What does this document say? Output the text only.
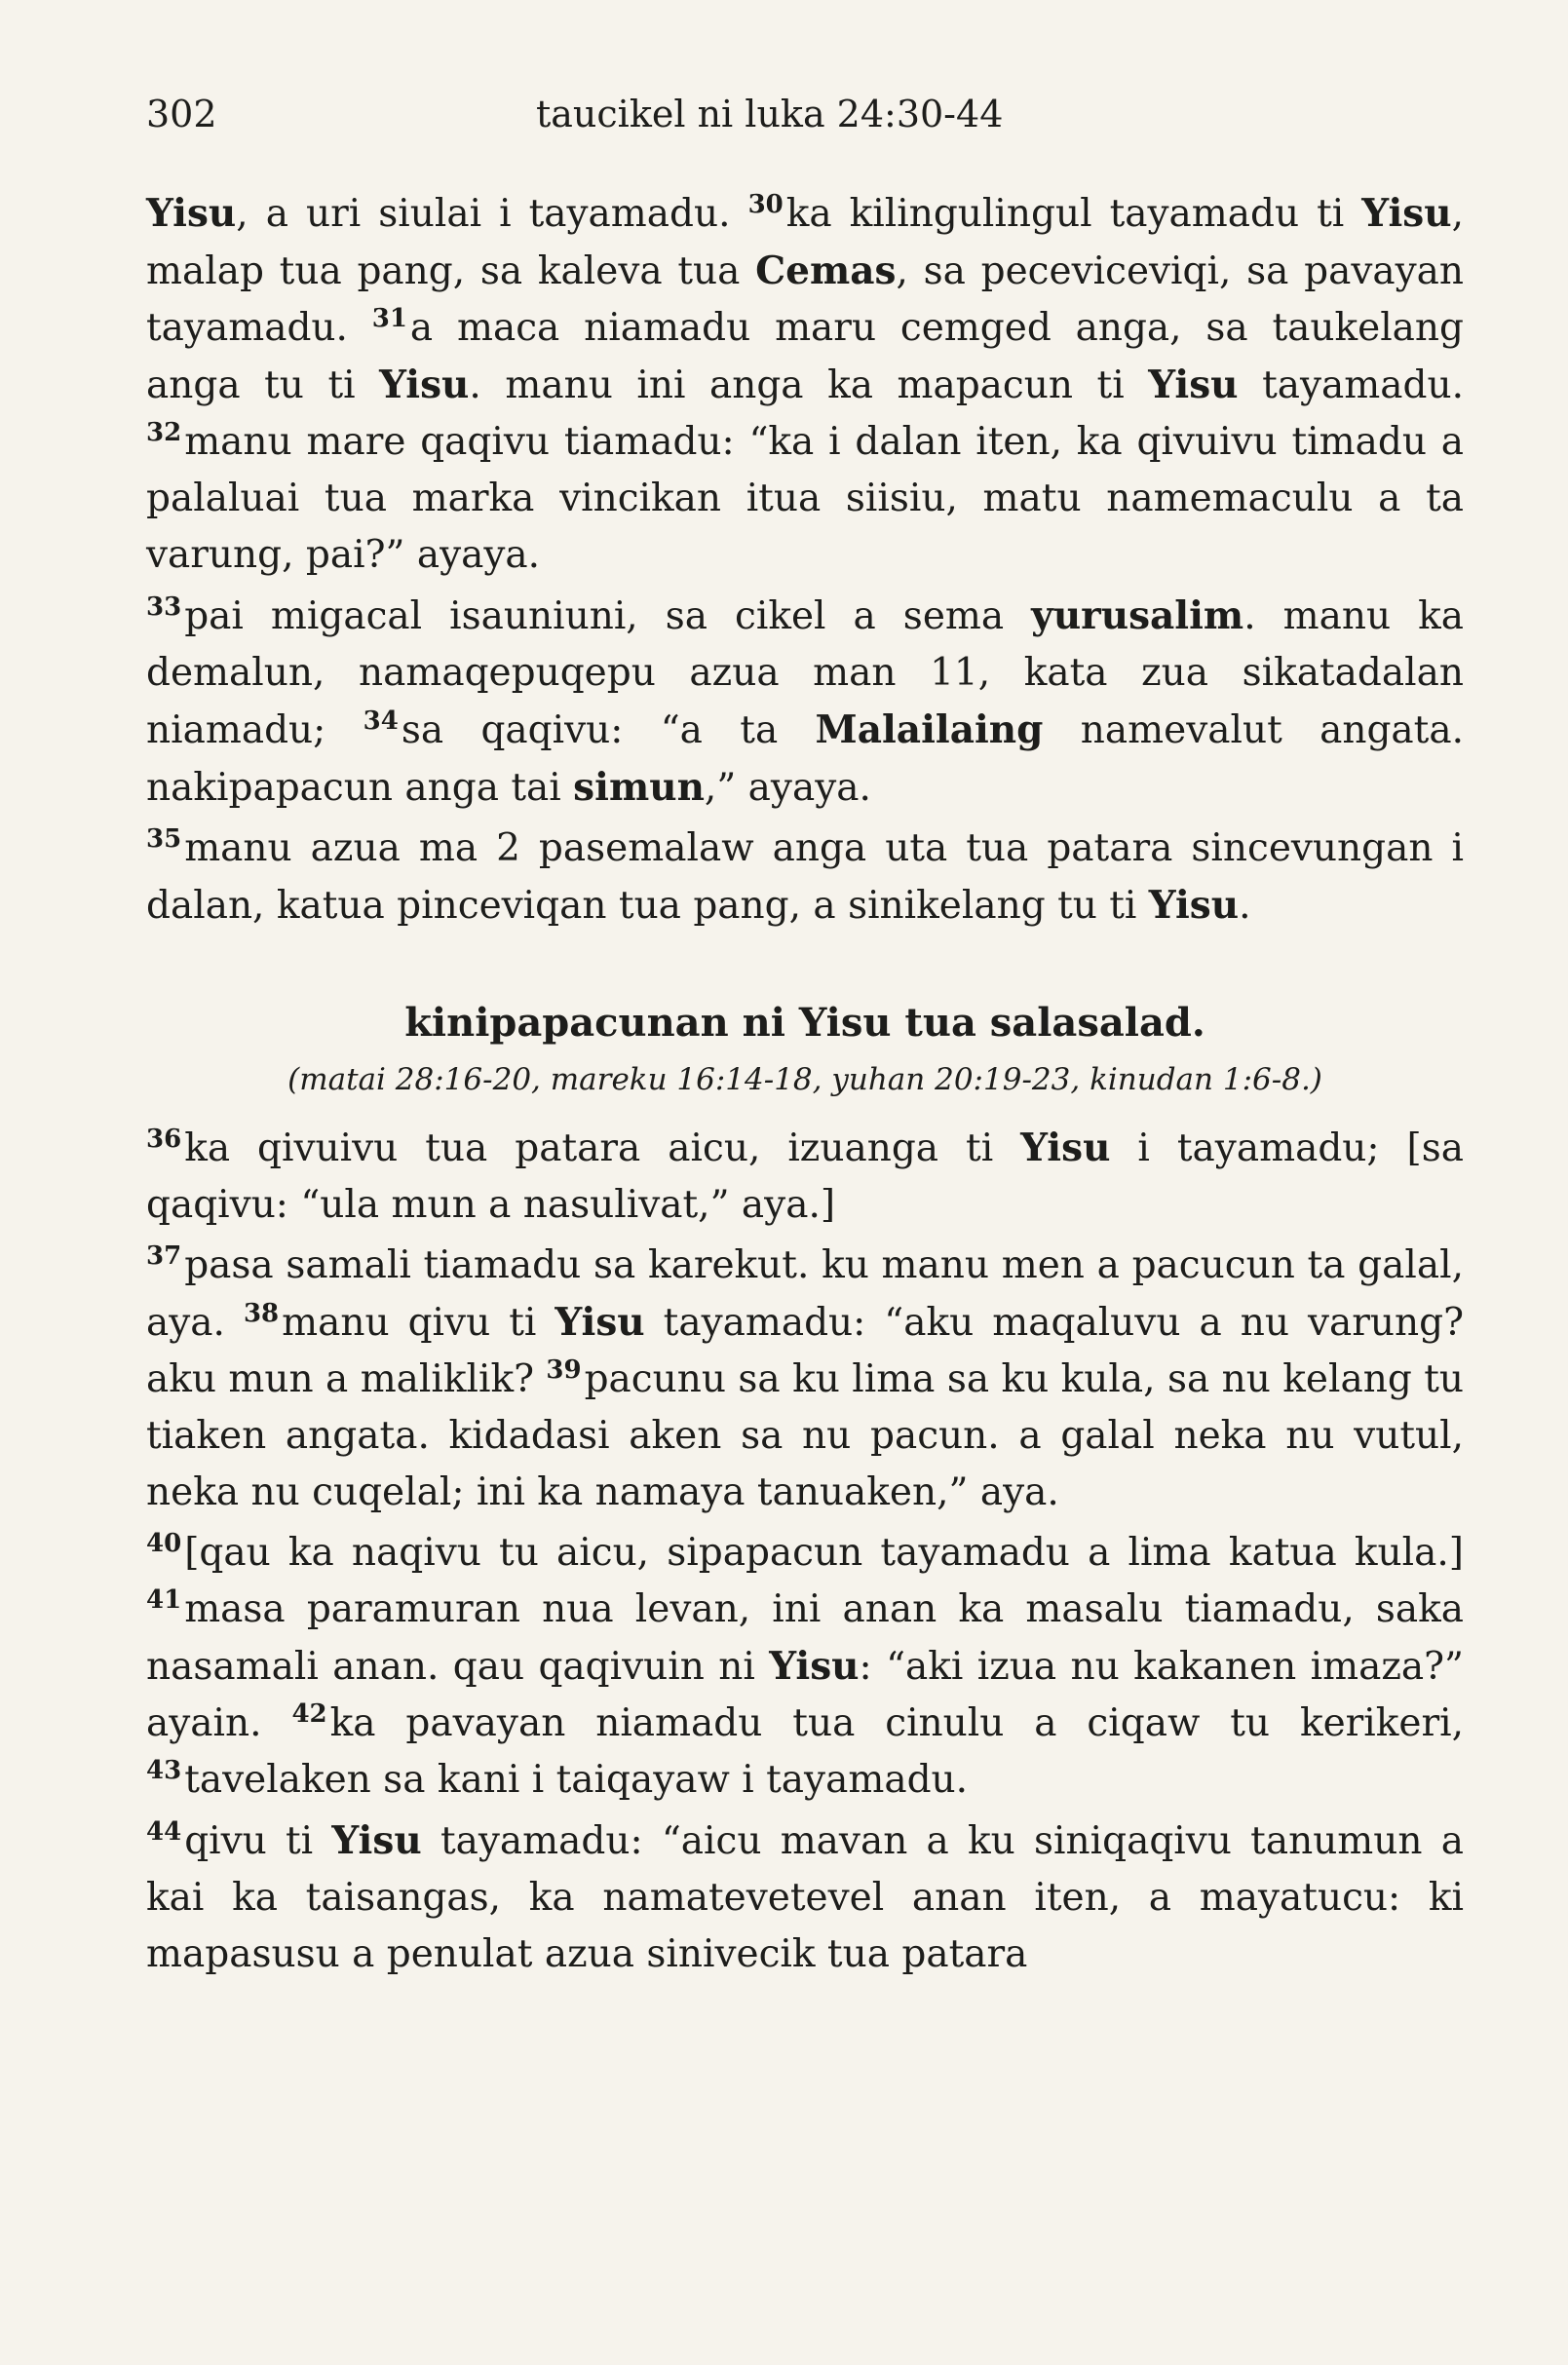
302	taucikel ni luka 24:30-44

Yisu, a uri siulai i tayamadu. $^{30}$ka kilingulingul tayamadu ti Yisu, malap tua pang, sa kaleva tua Cemas, sa peceviceviqi, sa pavayan tayamadu. $^{31}$a maca niamadu maru cemged anga, sa taukelang anga tu ti Yisu. manu ini anga ka mapacun ti Yisu tayamadu. $^{32}$manu mare qaqivu tiamadu: “ka i dalan iten, ka qivuivu timadu a palaluai tua marka vincikan itua siisiu, matu namemaculu a ta varung, pai?” ayaya.

$^{33}$pai migacal isauniuni, sa cikel a sema yurusalim. manu ka demalun, namaqepuqepu azua man 11, kata zua sikatadalan niamadu; $^{34}$sa qaqivu: “a ta Malailaing namevalut angata. nakipapacun anga tai simun,” ayaya.

$^{35}$manu azua ma 2 pasemalaw anga uta tua patara sincevungan i dalan, katua pinceviqan tua pang, a sinikelang tu ti Yisu.

kinipapacunan ni Yisu tua salasalad.
(matai 28:16-20, mareku 16:14-18, yuhan 20:19-23, kinudan 1:6-8.)

$^{36}$ka qivuivu tua patara aicu, izuanga ti Yisu i tayamadu; [sa qaqivu: “ula mun a nasulivat,” aya.]

$^{37}$pasa samali tiamadu sa karekut. ku manu men a pacucun ta galal, aya. $^{38}$manu qivu ti Yisu tayamadu: “aku maqaluvu a nu varung? aku mun a maliklik? $^{39}$pacunu sa ku lima sa ku kula, sa nu kelang tu tiaken angata. kidadasi aken sa nu pacun. a galal neka nu vutul, neka nu cuqelal; ini ka namaya tanuaken,” aya.

$^{40}$[qau ka naqivu tu aicu, sipapacun tayamadu a lima katua kula.] $^{41}$masa paramuran nua levan, ini anan ka masalu tiamadu, saka nasamali anan. qau qaqivuin ni Yisu: “aki izua nu kakanen imaza?” ayain. $^{42}$ka pavayan niamadu tua cinulu a ciqaw tu kerikeri, $^{43}$tavelaken sa kani i taiqayaw i tayamadu.

$^{44}$qivu ti Yisu tayamadu: “aicu mavan a ku siniqaqivu tanumun a kai ka taisangas, ka namatevetevel anan iten, a mayatucu: ki mapasusu a penulat azua sinivecik tua patara
